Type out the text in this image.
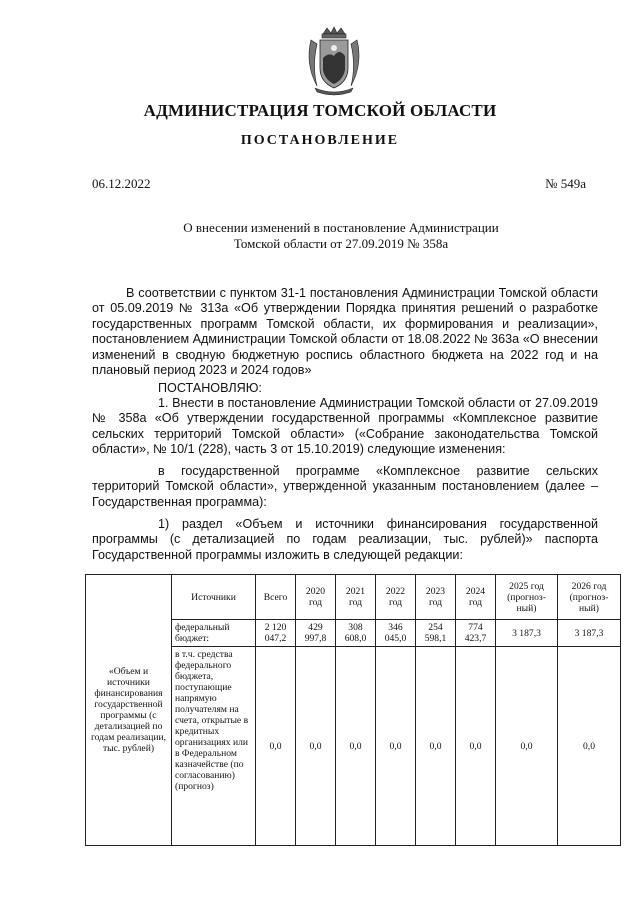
АДМИНИСТРАЦИЯ ТОМСКОЙ ОБЛАСТИ
ПОСТАНОВЛЕНИЕ
06.12.2022	№ 549а
О внесении изменений в постановление Администрации
Томской области от 27.09.2019 № 358а
В соответствии с пунктом 31-1 постановления Администрации Томской области от 05.09.2019 № 313а «Об утверждении Порядка принятия решений о разработке государственных программ Томской области, их формирования и реализации», постановлением Администрации Томской области от 18.08.2022 № 363а «О внесении изменений в сводную бюджетную роспись областного бюджета на 2022 год и на плановый период 2023 и 2024 годов»
ПОСТАНОВЛЯЮ:
1. Внести в постановление Администрации Томской области от 27.09.2019 № 358а «Об утверждении государственной программы «Комплексное развитие сельских территорий Томской области» («Собрание законодательства Томской области», № 10/1 (228), часть 3 от 15.10.2019) следующие изменения:
в государственной программе «Комплексное развитие сельских территорий Томской области», утвержденной указанным постановлением (далее – Государственная программа):
1) раздел «Объем и источники финансирования государственной программы (с детализацией по годам реализации, тыс. рублей)» паспорта Государственной программы изложить в следующей редакции:
«Объем и источники финансирования государственной программы (с детализацией по годам реализации, тыс. рублей)	Источники	Всего	2020 год	2021 год	2022 год	2023 год	2024 год	2025 год (прогноз-ный)	2026 год (прогноз-ный)
	федеральный бюджет:	2 120 047,2	429 997,8	308 608,0	346 045,0	254 598,1	774 423,7	3 187,3	3 187,3
	в т.ч. средства федерального бюджета, поступающие напрямую получателям на счета, открытые в кредитных организациях или в Федеральном казначействе (по согласованию) (прогноз)	0,0	0,0	0,0	0,0	0,0	0,0	0,0	0,0
